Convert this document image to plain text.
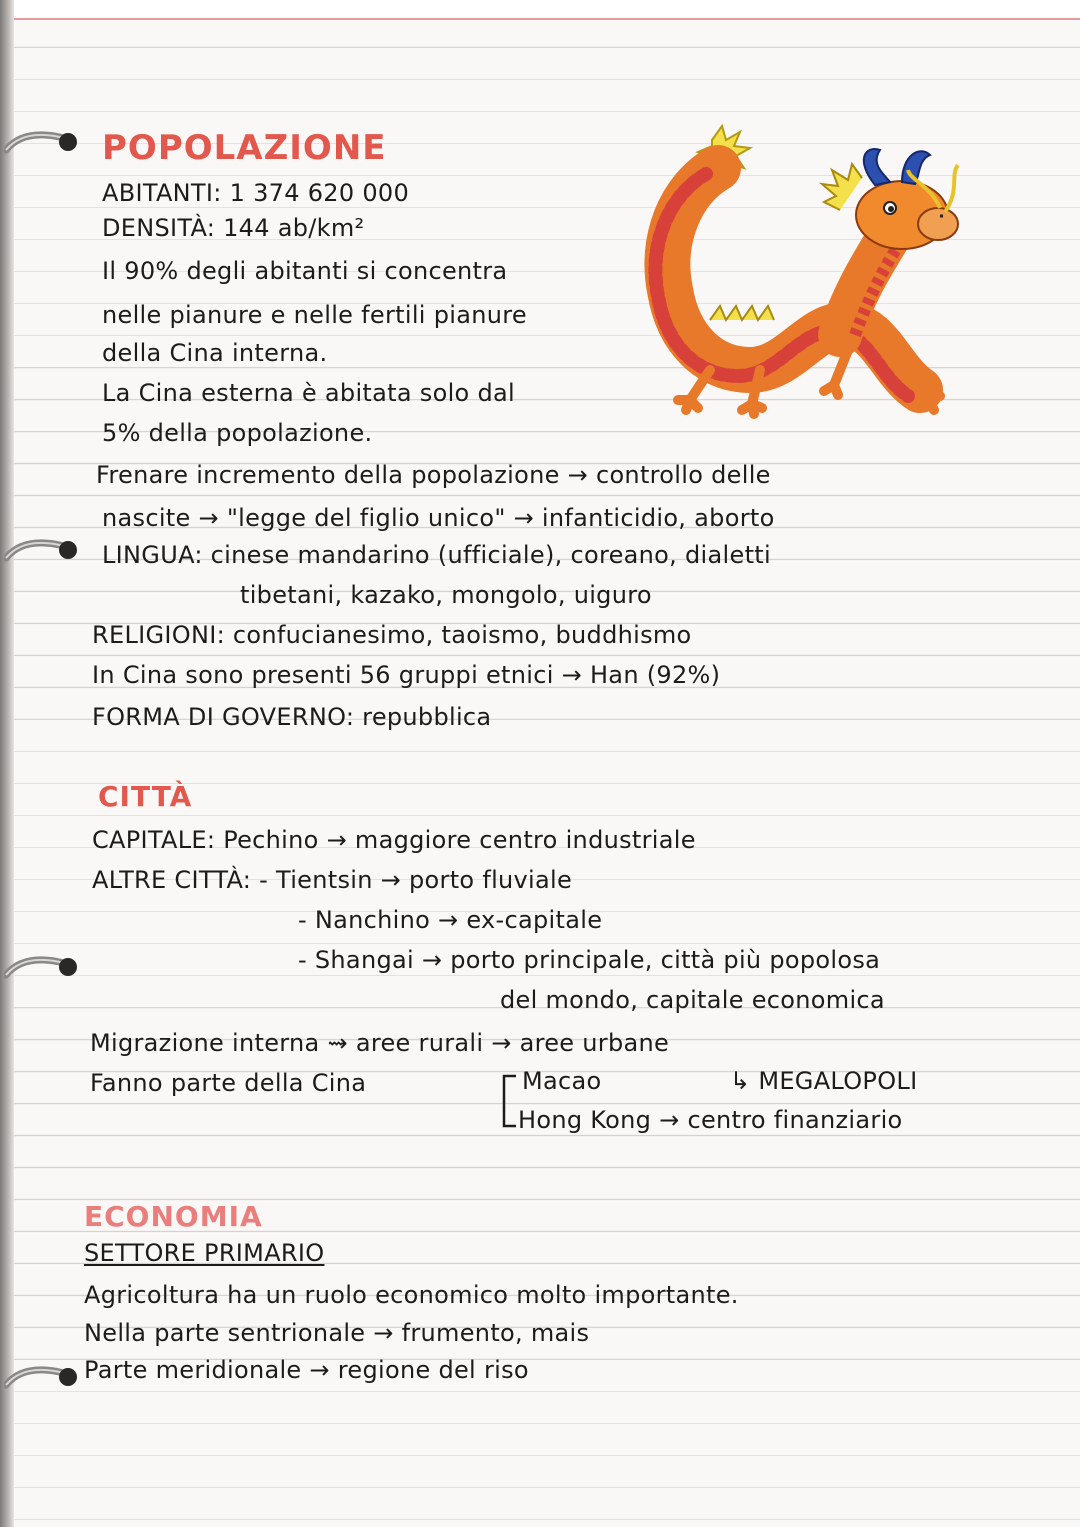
POPOLAZIONE
ABITANTI: 1 374 620 000
DENSITÀ: 144 ab/km²
Il 90% degli abitanti si concentra
nelle pianure e nelle fertili pianure
della Cina interna.
La Cina esterna è abitata solo dal
5% della popolazione.
Frenare incremento della popolazione → controllo delle
nascite → "legge del figlio unico" → infanticidio, aborto
LINGUA: cinese mandarino (ufficiale), coreano, dialetti
tibetani, kazako, mongolo, uiguro
RELIGIONI: confucianesimo, taoismo, buddhismo
In Cina sono presenti 56 gruppi etnici → Han (92%)
FORMA DI GOVERNO: repubblica
CITTÀ
CAPITALE: Pechino → maggiore centro industriale
ALTRE CITTÀ: - Tientsin → porto fluviale
- Nanchino → ex-capitale
- Shangai → porto principale, città più popolosa
del mondo, capitale economica
Migrazione interna ⇝ aree rurali → aree urbane
Fanno parte della Cina	Macao	↳ MEGALOPOLI
Hong Kong → centro finanziario
ECONOMIA
SETTORE PRIMARIO
Agricoltura ha un ruolo economico molto importante.
Nella parte sentrionale → frumento, mais
Parte meridionale → regione del riso
